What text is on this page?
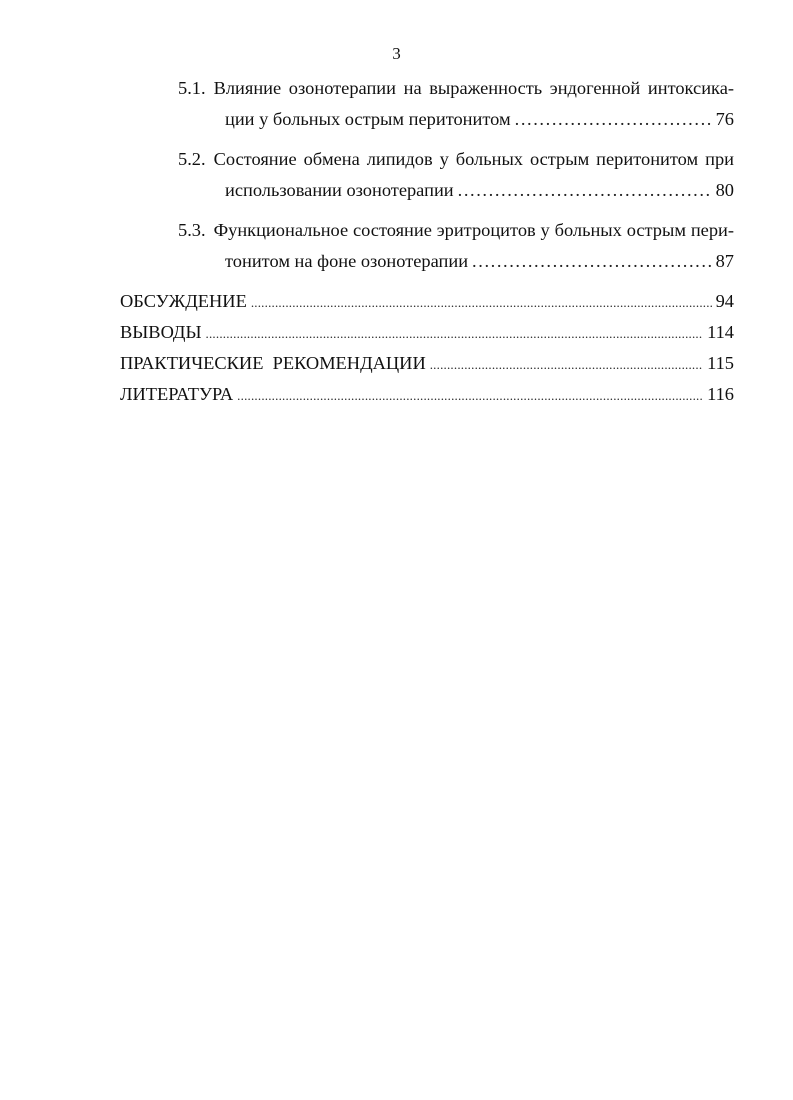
3
5.1. Влияние озонотерапии на выраженность эндогенной интоксика-
ции у больных острым перитонитом .....	76
5.2. Состояние обмена липидов у больных острым перитонитом при
использовании озонотерапии .....	80
5.3. Функциональное состояние эритроцитов у больных острым пери-
тонитом на фоне озонотерапии .....	87
ОБСУЖДЕНИЕ .....	94
ВЫВОДЫ .....	114
ПРАКТИЧЕСКИЕ  РЕКОМЕНДАЦИИ .....	115
ЛИТЕРАТУРА .....	116
